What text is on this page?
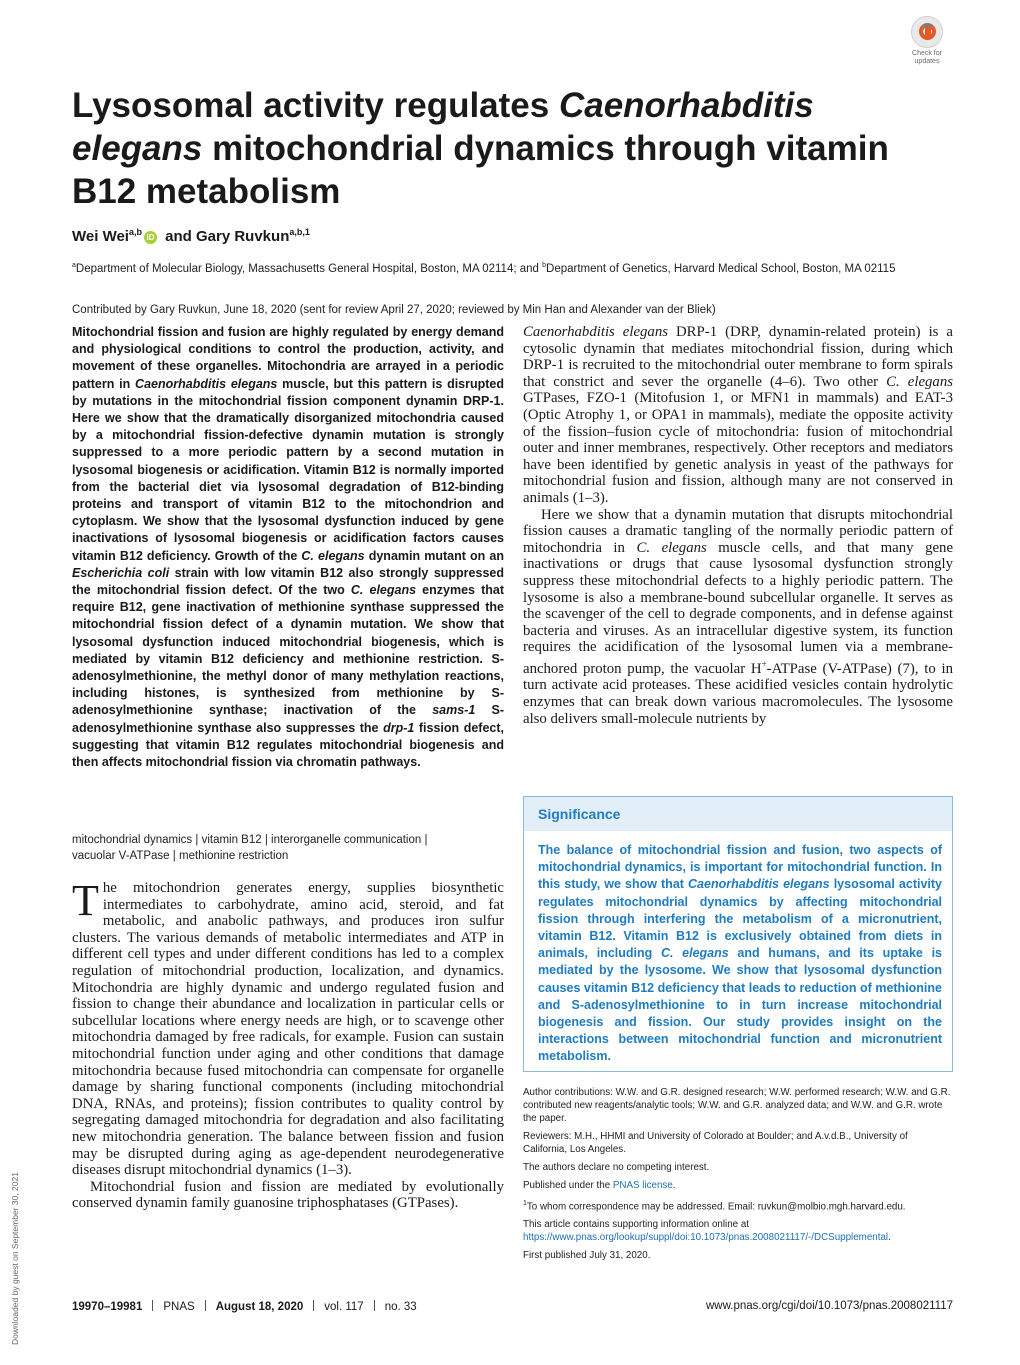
Check for
updates
Lysosomal activity regulates Caenorhabditis elegans mitochondrial dynamics through vitamin B12 metabolism
Wei Wei$^{a,b}$iD and Gary Ruvkun$^{a,b,1}$
$^a$Department of Molecular Biology, Massachusetts General Hospital, Boston, MA 02114; and $^b$Department of Genetics, Harvard Medical School, Boston, MA 02115
Contributed by Gary Ruvkun, June 18, 2020 (sent for review April 27, 2020; reviewed by Min Han and Alexander van der Bliek)
Mitochondrial fission and fusion are highly regulated by energy demand and physiological conditions to control the production, activity, and movement of these organelles. Mitochondria are arrayed in a periodic pattern in Caenorhabditis elegans muscle, but this pattern is disrupted by mutations in the mitochondrial fission component dynamin DRP-1. Here we show that the dramatically disorganized mitochondria caused by a mitochondrial fission-defective dynamin mutation is strongly suppressed to a more periodic pattern by a second mutation in lysosomal biogenesis or acidification. Vitamin B12 is normally imported from the bacterial diet via lysosomal degradation of B12-binding proteins and transport of vitamin B12 to the mitochondrion and cytoplasm. We show that the lysosomal dysfunction induced by gene inactivations of lysosomal biogenesis or acidification factors causes vitamin B12 deficiency. Growth of the C. elegans dynamin mutant on an Escherichia coli strain with low vitamin B12 also strongly suppressed the mitochondrial fission defect. Of the two C. elegans enzymes that require B12, gene inactivation of methionine synthase suppressed the mitochondrial fission defect of a dynamin mutation. We show that lysosomal dysfunction induced mitochondrial biogenesis, which is mediated by vitamin B12 deficiency and methionine restriction. S-adenosylmethionine, the methyl donor of many methylation reactions, including histones, is synthesized from methionine by S-adenosylmethionine synthase; inactivation of the sams-1 S-adenosylmethionine synthase also suppresses the drp-1 fission defect, suggesting that vitamin B12 regulates mitochondrial biogenesis and then affects mitochondrial fission via chromatin pathways.
mitochondrial dynamics | vitamin B12 | interorganelle communication |
vacuolar V-ATPase | methionine restriction

The mitochondrion generates energy, supplies biosynthetic intermediates to carbohydrate, amino acid, steroid, and fat metabolic, and anabolic pathways, and produces iron sulfur clusters. The various demands of metabolic intermediates and ATP in different cell types and under different conditions has led to a complex regulation of mitochondrial production, localization, and dynamics. Mitochondria are highly dynamic and undergo regulated fusion and fission to change their abundance and localization in particular cells or subcellular locations where energy needs are high, or to scavenge other mitochondria damaged by free radicals, for example. Fusion can sustain mitochondrial function under aging and other conditions that damage mitochondria because fused mitochondria can compensate for organelle damage by sharing functional components (including mitochondrial DNA, RNAs, and proteins); fission contributes to quality control by segregating damaged mitochondria for degradation and also facilitating new mitochondria generation. The balance between fission and fusion may be disrupted during aging as age-dependent neurodegenerative diseases disrupt mitochondrial dynamics (1–3).

Mitochondrial fusion and fission are mediated by evolutionally conserved dynamin family guanosine triphosphatases (GTPases).

Caenorhabditis elegans DRP-1 (DRP, dynamin-related protein) is a cytosolic dynamin that mediates mitochondrial fission, during which DRP-1 is recruited to the mitochondrial outer membrane to form spirals that constrict and sever the organelle (4–6). Two other C. elegans GTPases, FZO-1 (Mitofusion 1, or MFN1 in mammals) and EAT-3 (Optic Atrophy 1, or OPA1 in mammals), mediate the opposite activity of the fission–fusion cycle of mitochondria: fusion of mitochondrial outer and inner membranes, respectively. Other receptors and mediators have been identified by genetic analysis in yeast of the pathways for mitochondrial fusion and fission, although many are not conserved in animals (1–3).

Here we show that a dynamin mutation that disrupts mitochondrial fission causes a dramatic tangling of the normally periodic pattern of mitochondria in C. elegans muscle cells, and that many gene inactivations or drugs that cause lysosomal dysfunction strongly suppress these mitochondrial defects to a highly periodic pattern. The lysosome is also a membrane-bound subcellular organelle. It serves as the scavenger of the cell to degrade components, and in defense against bacteria and viruses. As an intracellular digestive system, its function requires the acidification of the lysosomal lumen via a membrane-anchored proton pump, the vacuolar H+-ATPase (V-ATPase) (7), to in turn activate acid proteases. These acidified vesicles contain hydrolytic enzymes that can break down various macromolecules. The lysosome also delivers small-molecule nutrients by

Significance
The balance of mitochondrial fission and fusion, two aspects of mitochondrial dynamics, is important for mitochondrial function. In this study, we show that Caenorhabditis elegans lysosomal activity regulates mitochondrial dynamics by affecting mitochondrial fission through interfering the metabolism of a micronutrient, vitamin B12. Vitamin B12 is exclusively obtained from diets in animals, including C. elegans and humans, and its uptake is mediated by the lysosome. We show that lysosomal dysfunction causes vitamin B12 deficiency that leads to reduction of methionine and S-adenosylmethionine to in turn increase mitochondrial biogenesis and fission. Our study provides insight on the interactions between mitochondrial function and micronutrient metabolism.

Author contributions: W.W. and G.R. designed research; W.W. performed research; W.W. and G.R. contributed new reagents/analytic tools; W.W. and G.R. analyzed data; and W.W. and G.R. wrote the paper.

Reviewers: M.H., HHMI and University of Colorado at Boulder; and A.v.d.B., University of California, Los Angeles.

The authors declare no competing interest.

Published under the PNAS license.

$^1$To whom correspondence may be addressed. Email: ruvkun@molbio.mgh.harvard.edu.

This article contains supporting information online at https://www.pnas.org/lookup/suppl/doi:10.1073/pnas.2008021117/-/DCSupplemental.

First published July 31, 2020.

Downloaded by guest on September 30, 2021	19970–19981 PNAS August 18, 2020 vol. 117 no. 33	www.pnas.org/cgi/doi/10.1073/pnas.2008021117
